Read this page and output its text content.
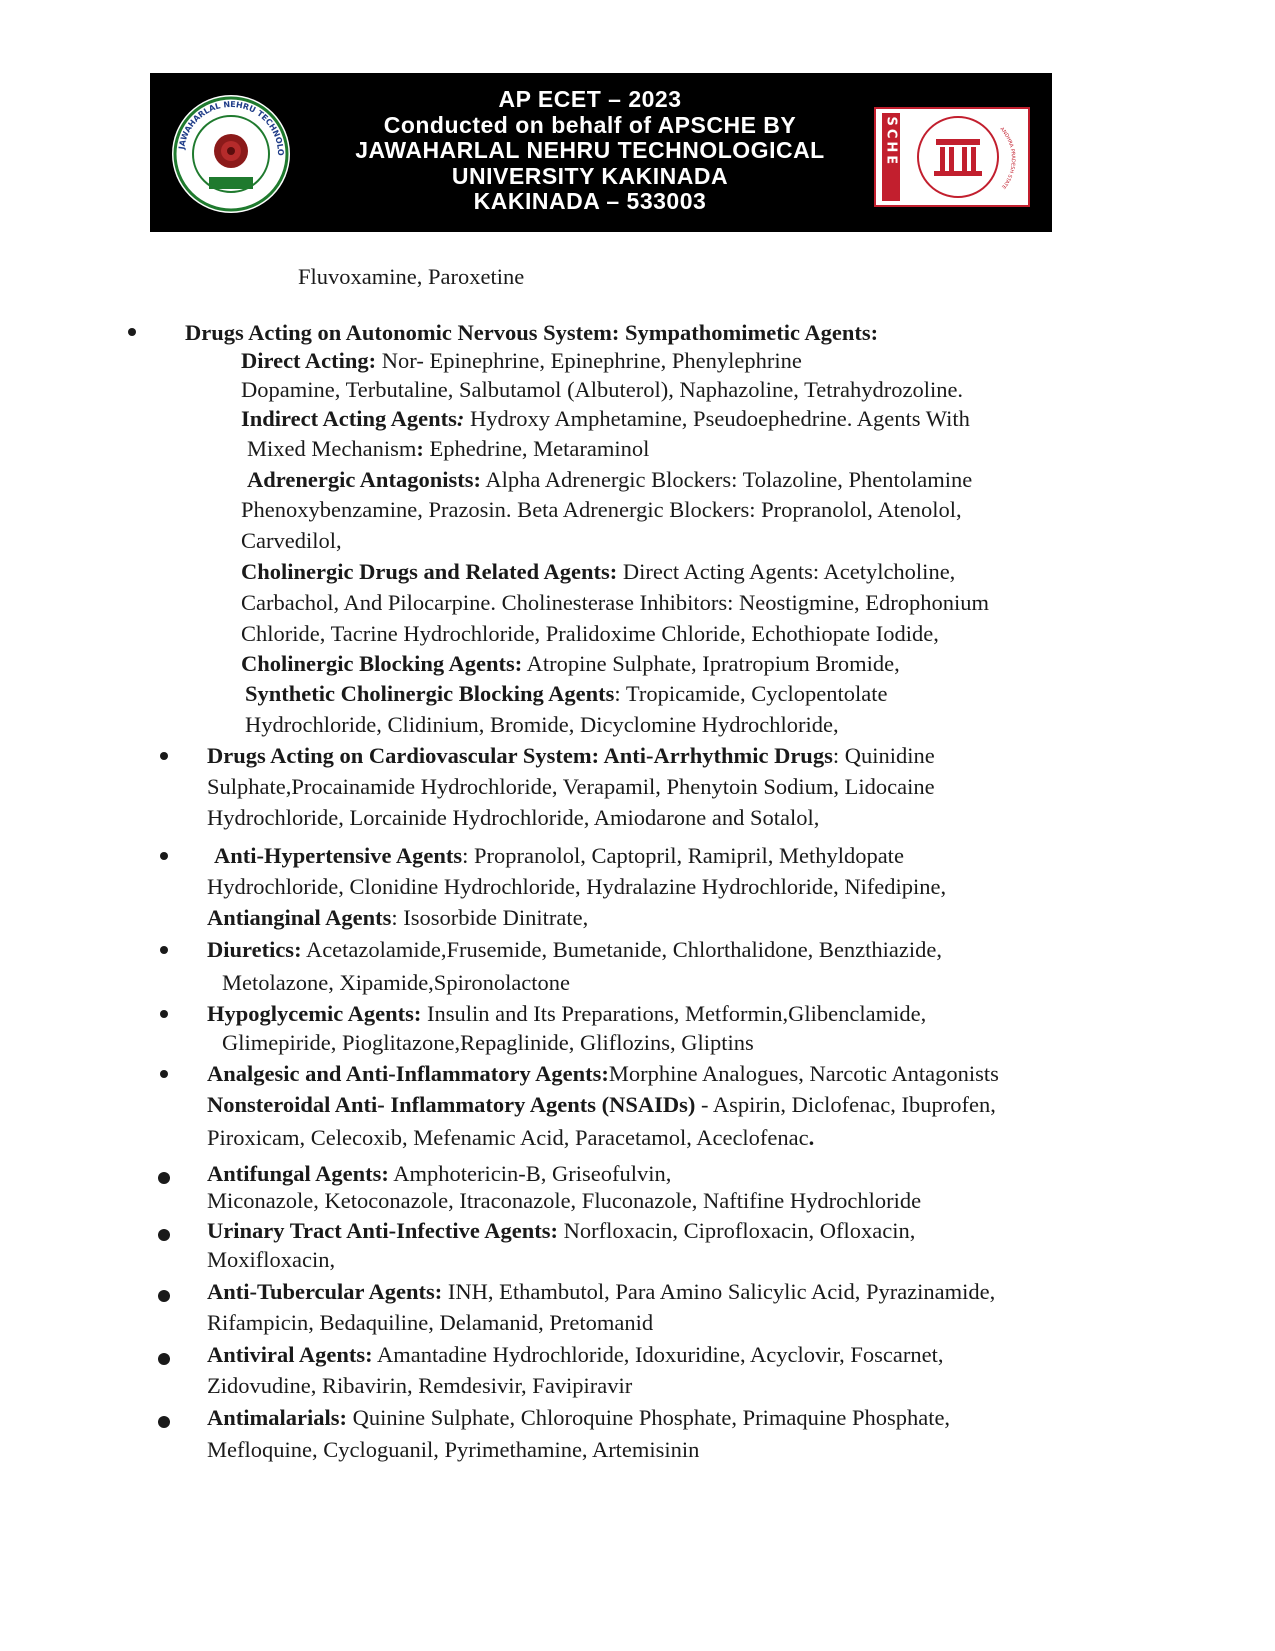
JAWAHARLAL NEHRU TECHNOLO
AP ECET – 2023
Conducted on behalf of APSCHE BY
JAWAHARLAL NEHRU TECHNOLOGICAL
UNIVERSITY KAKINADA
KAKINADA – 533003
APSCHE	ANDHRA PRADESH STATE
Fluvoxamine, Paroxetine
Drugs Acting on Autonomic Nervous System: Sympathomimetic Agents:
Direct Acting: Nor- Epinephrine, Epinephrine, Phenylephrine
Dopamine, Terbutaline, Salbutamol (Albuterol), Naphazoline, Tetrahydrozoline.
Indirect Acting Agents: Hydroxy Amphetamine, Pseudoephedrine. Agents With
Mixed Mechanism: Ephedrine, Metaraminol
Adrenergic Antagonists: Alpha Adrenergic Blockers: Tolazoline, Phentolamine
Phenoxybenzamine, Prazosin. Beta Adrenergic Blockers: Propranolol, Atenolol,
Carvedilol,
Cholinergic Drugs and Related Agents: Direct Acting Agents: Acetylcholine,
Carbachol, And Pilocarpine. Cholinesterase Inhibitors: Neostigmine, Edrophonium
Chloride, Tacrine Hydrochloride, Pralidoxime Chloride, Echothiopate Iodide,
Cholinergic Blocking Agents: Atropine Sulphate, Ipratropium Bromide,
Synthetic Cholinergic Blocking Agents: Tropicamide, Cyclopentolate
Hydrochloride, Clidinium, Bromide, Dicyclomine Hydrochloride,
Drugs Acting on Cardiovascular System: Anti-Arrhythmic Drugs: Quinidine
Sulphate,Procainamide Hydrochloride, Verapamil, Phenytoin Sodium, Lidocaine
Hydrochloride, Lorcainide Hydrochloride, Amiodarone and Sotalol,
Anti-Hypertensive Agents: Propranolol, Captopril, Ramipril, Methyldopate
Hydrochloride, Clonidine Hydrochloride, Hydralazine Hydrochloride, Nifedipine,
Antianginal Agents: Isosorbide Dinitrate,
Diuretics: Acetazolamide,Frusemide, Bumetanide, Chlorthalidone, Benzthiazide,
Metolazone, Xipamide,Spironolactone
Hypoglycemic Agents: Insulin and Its Preparations, Metformin,Glibenclamide,
Glimepiride, Pioglitazone,Repaglinide, Gliflozins, Gliptins
Analgesic and Anti-Inflammatory Agents:Morphine Analogues, Narcotic Antagonists
Nonsteroidal Anti- Inflammatory Agents (NSAIDs) - Aspirin, Diclofenac, Ibuprofen,
Piroxicam, Celecoxib, Mefenamic Acid, Paracetamol, Aceclofenac.
Antifungal Agents: Amphotericin-B, Griseofulvin,
Miconazole, Ketoconazole, Itraconazole, Fluconazole, Naftifine Hydrochloride
Urinary Tract Anti-Infective Agents: Norfloxacin, Ciprofloxacin, Ofloxacin,
Moxifloxacin,
Anti-Tubercular Agents: INH, Ethambutol, Para Amino Salicylic Acid, Pyrazinamide,
Rifampicin, Bedaquiline, Delamanid, Pretomanid
Antiviral Agents: Amantadine Hydrochloride, Idoxuridine, Acyclovir, Foscarnet,
Zidovudine, Ribavirin, Remdesivir, Favipiravir
Antimalarials: Quinine Sulphate, Chloroquine Phosphate, Primaquine Phosphate,
Mefloquine, Cycloguanil, Pyrimethamine, Artemisinin
